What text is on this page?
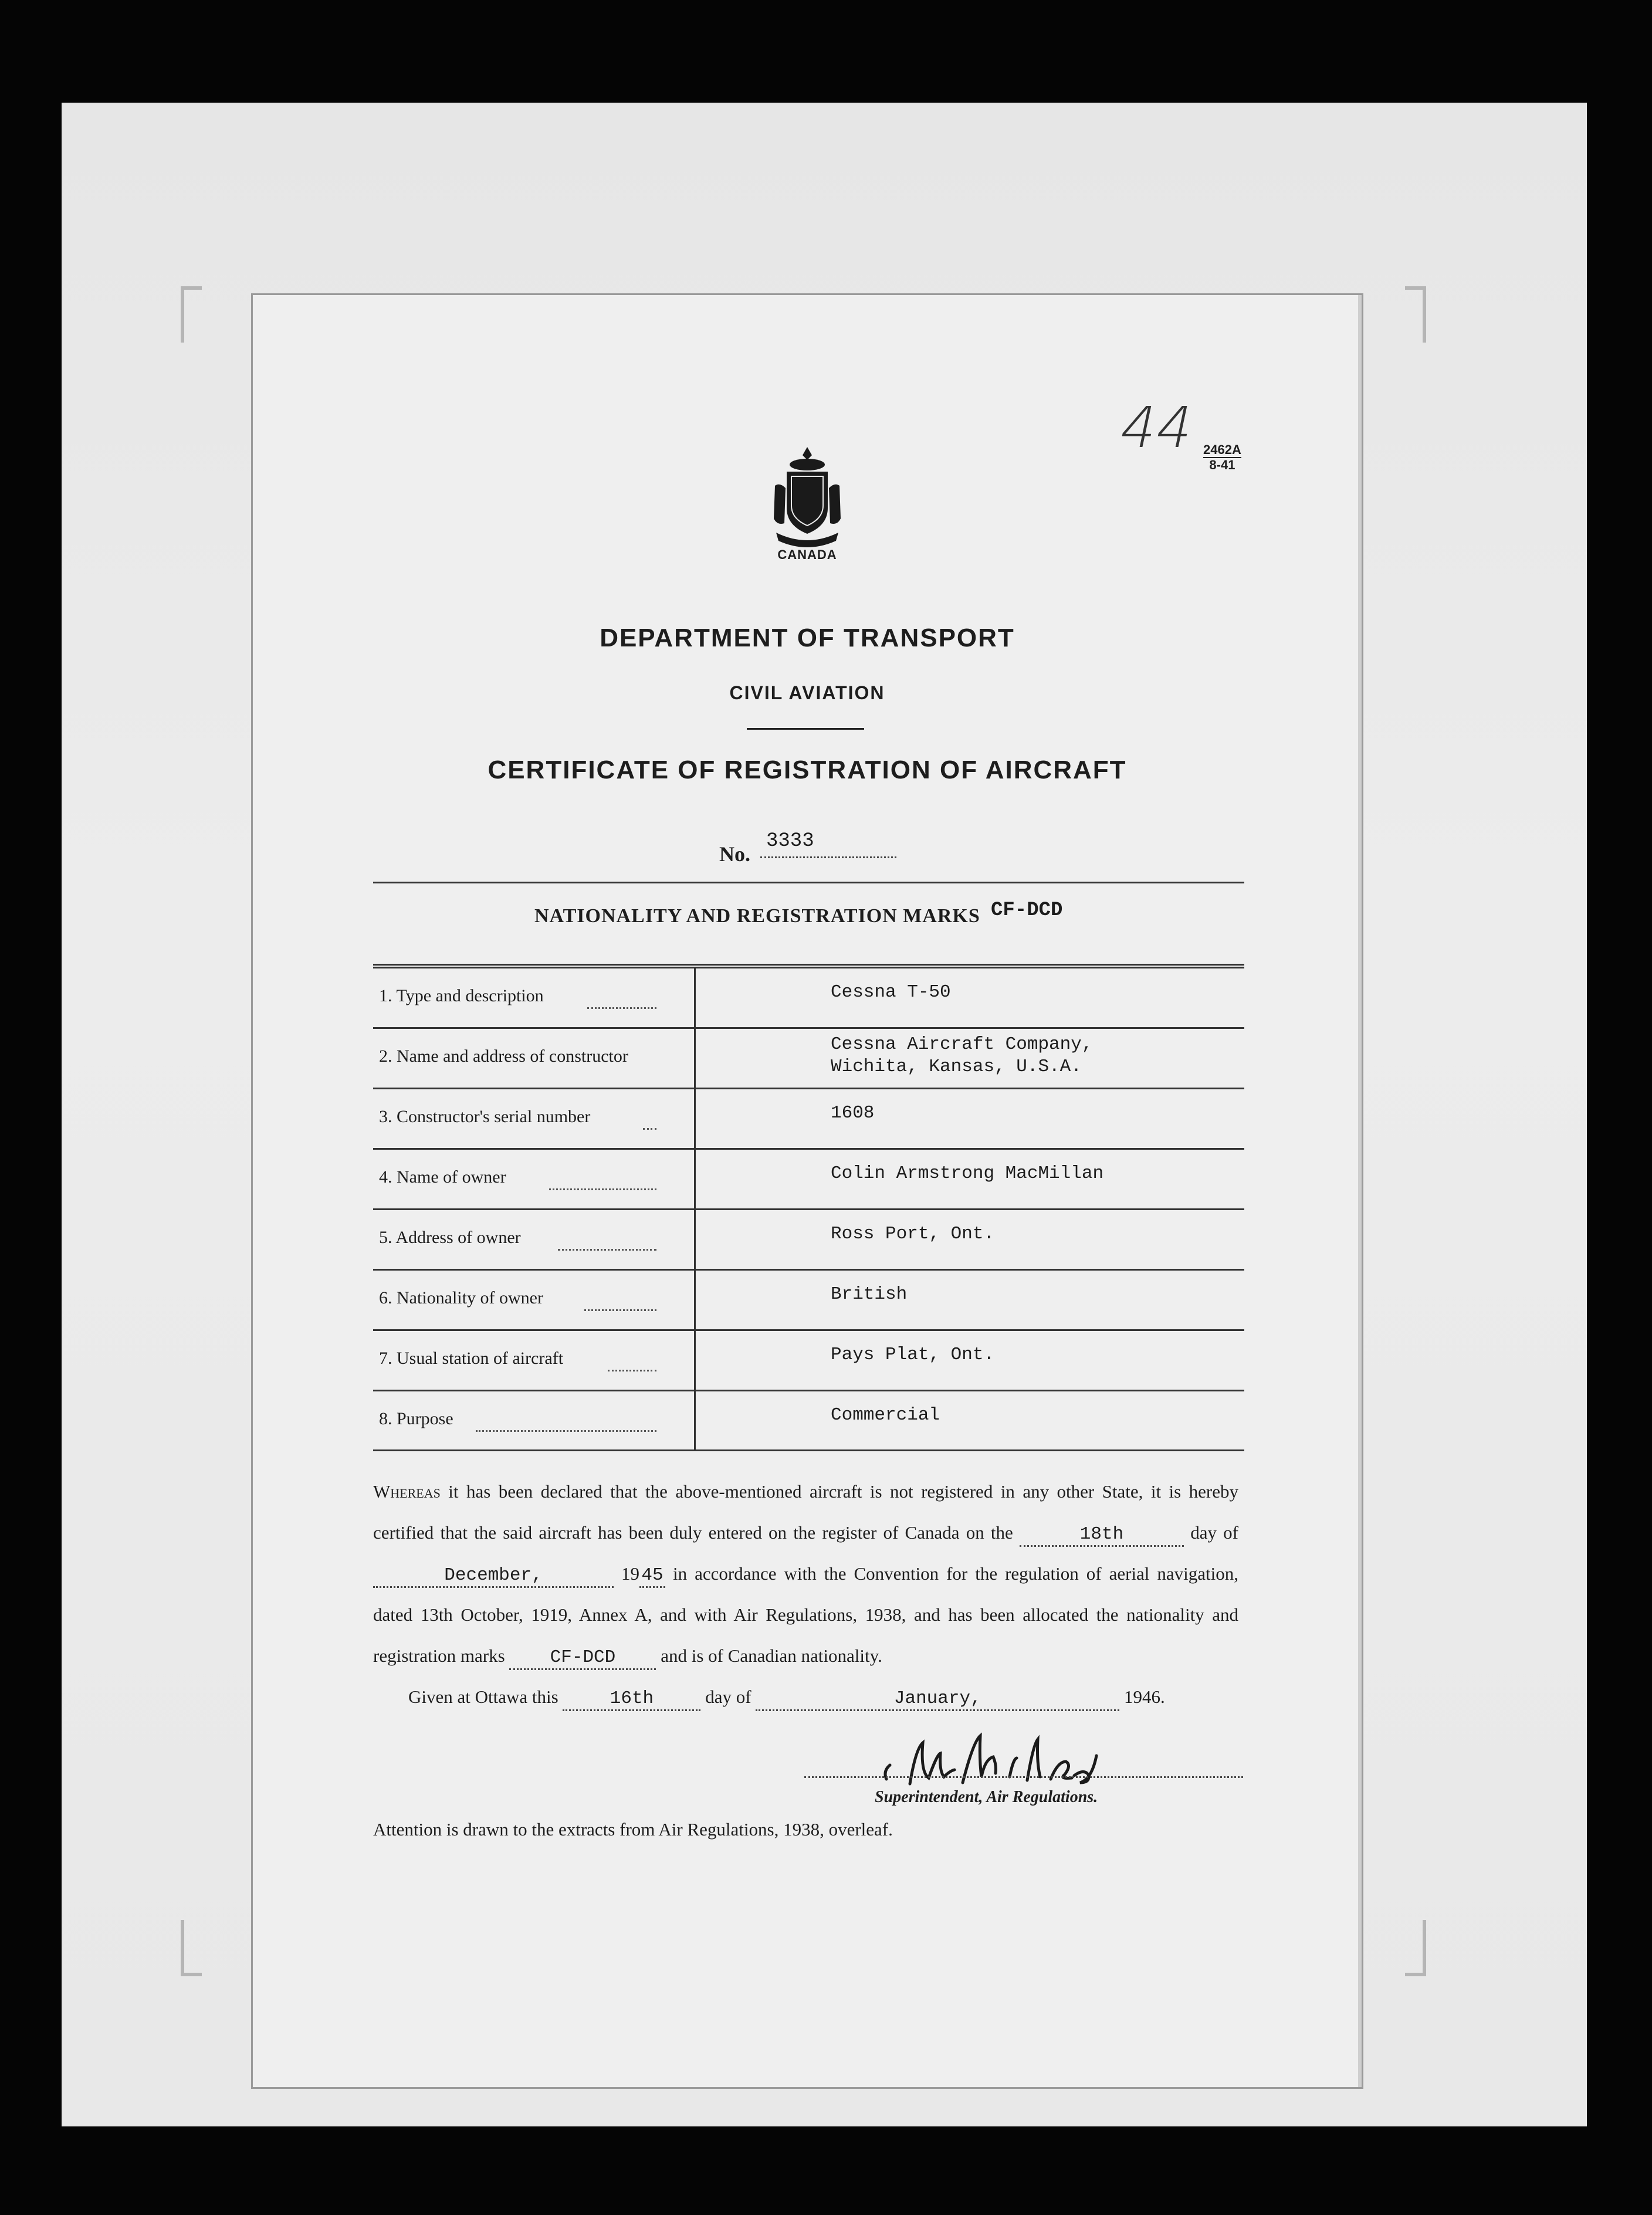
44 2462A
8-41
CANADA
DEPARTMENT OF TRANSPORT
CIVIL AVIATION
CERTIFICATE OF REGISTRATION OF AIRCRAFT
No.
3333
NATIONALITY AND REGISTRATION MARKS CF-DCD
1. Type and description	Cessna T-50
2. Name and address of constructor
Cessna Aircraft Company,
Wichita, Kansas, U.S.A.
3. Constructor's serial number	1608
4. Name of owner	Colin Armstrong MacMillan
5. Address of owner	Ross Port, Ont.
6. Nationality of owner	British
7. Usual station of aircraft	Pays Plat, Ont.
8. Purpose	Commercial
Whereas it has been declared that the above-mentioned aircraft is not registered in any other State, it is hereby certified that the said aircraft has been duly entered on the register of Canada on the	18th	day of December,	19 45 in accordance with the Convention for the regulation of aerial navigation, dated 13th October, 1919, Annex A, and with Air Regulations, 1938, and has been allocated the nationality and registration marks CF-DCD and is of Canadian nationality.
Given at Ottawa this	16th	day of	January,	1946.
Superintendent, Air Regulations.
Attention is drawn to the extracts from Air Regulations, 1938, overleaf.
